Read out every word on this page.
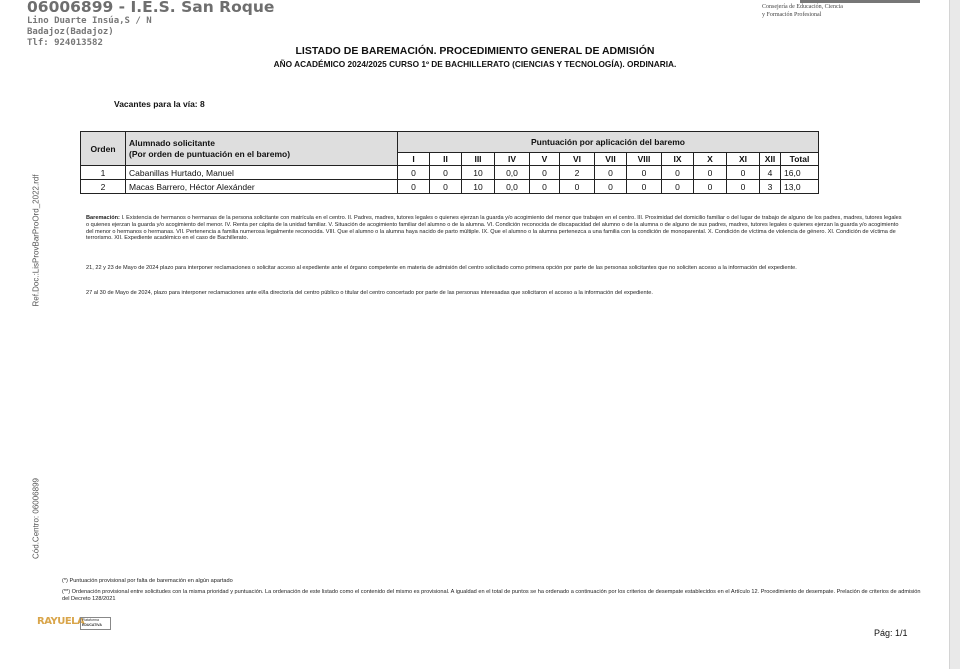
06006899 - I.E.S. San Roque
Lino Duarte Insúa,S / N
Badajoz(Badajoz)
Tlf: 924013582
Consejería de Educación, Ciencia
y Formación Profesional
LISTADO DE BAREMACIÓN. PROCEDIMIENTO GENERAL DE ADMISIÓN
AÑO ACADÉMICO 2024/2025 CURSO 1º DE BACHILLERATO (CIENCIAS Y TECNOLOGÍA). ORDINARIA.
Vacantes para la vía: 8
Orden	Alumnado solicitante
(Por orden de puntuación en el baremo)	Puntuación por aplicación del baremo												
		I	II	III	IV	V	VI	VII	VIII	IX	X	XI	XII	Total
1	Cabanillas Hurtado, Manuel	0	0	10	0,0	0	2	0	0	0	0	0	4	16,0
2	Macas Barrero, Héctor Alexánder	0	0	10	0,0	0	0	0	0	0	0	0	3	13,0
Baremación: I. Existencia de hermanos o hermanas de la persona solicitante con matrícula en el centro. II. Padres, madres, tutores legales o quienes ejerzan la guarda y/o acogimiento del menor que trabajen en el centro. III. Proximidad del domicilio familiar o del lugar de trabajo de alguno de los padres, madres, tutores legales o quienes ejerzan la guarda y/o acogimiento del menor. IV. Renta per cápita de la unidad familiar. V. Situación de acogimiento familiar del alumno o de la alumna. VI. Condición reconocida de discapacidad del alumno o de la alumna o de alguno de sus padres, madres, tutores legales o quienes ejerzan la guarda y/o acogimiento del menor o hermanos o hermanas. VII. Pertenencia a familia numerosa legalmente reconocida. VIII. Que el alumno o la alumna haya nacido de parto múltiple. IX. Que el alumno o la alumna pertenezca a una familia con la condición de monoparental. X. Condición de víctima de violencia de género. XI. Condición de víctima de terrorismo. XII. Expediente académico en el caso de Bachillerato.
21, 22 y 23 de Mayo de 2024 plazo para interponer reclamaciones o solicitar acceso al expediente ante el órgano competente en materia de admisión del centro solicitado como primera opción por parte de las personas solicitantes que no soliciten acceso a la información del expediente.
27 al 30 de Mayo de 2024, plazo para interponer reclamaciones ante el/la director/a del centro público o titular del centro concertado por parte de las personas interesadas que solicitaron el acceso a la información del expediente.
Ref.Doc.:LisProvBarProOrd_2022.rdf
Cód.Centro: 06006899
(*) Puntuación provisional por falta de baremación en algún apartado
(**) Ordenación provisional entre solicitudes con la misma prioridad y puntuación. La ordenación de este listado como el contenido del mismo es provisional. A igualdad en el total de puntos se ha ordenado a continuación por los criterios de desempate establecidos en el Artículo 12. Procedimiento de desempate. Prelación de criterios de admisión del Decreto 128/2021
RAYUELA
Plataforma
EDUCATIVA
Pág: 1/1
